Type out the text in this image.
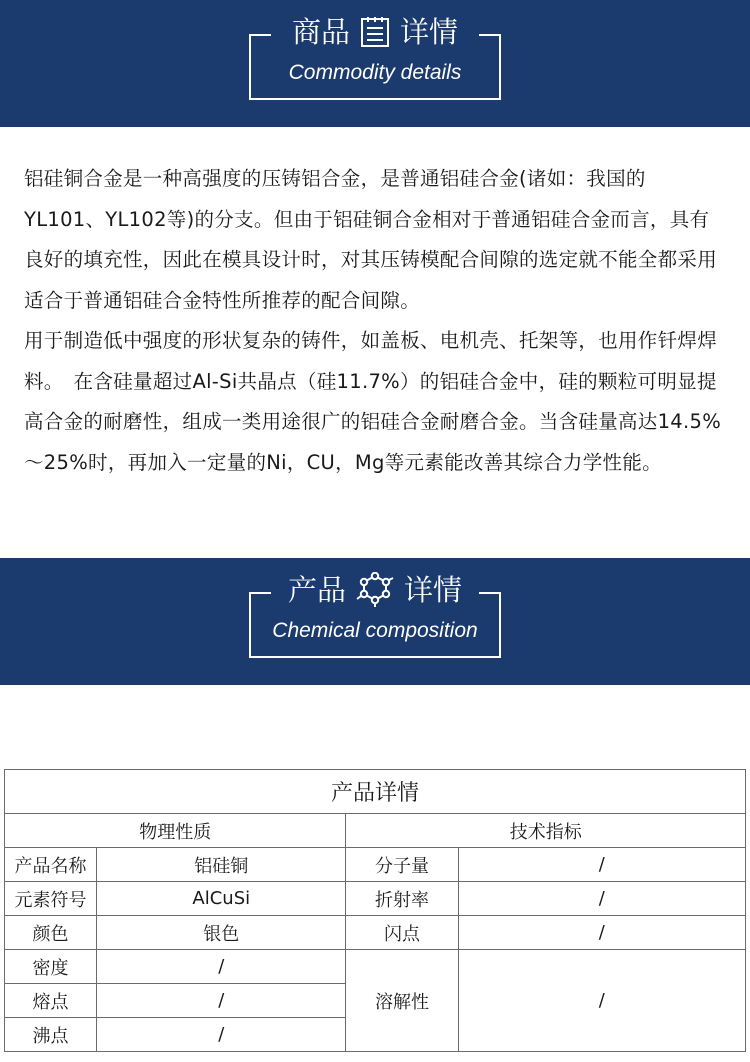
商品 详情
Commodity details

铝硅铜合金是一种高强度的压铸铝合金，是普通铝硅合金(诸如：我国的YL101、YL102等)的分支。但由于铝硅铜合金相对于普通铝硅合金而言，具有良好的填充性，因此在模具设计时，对其压铸模配合间隙的选定就不能全都采用适合于普通铝硅合金特性所推荐的配合间隙。

用于制造低中强度的形状复杂的铸件，如盖板、电机壳、托架等，也用作钎焊焊料。　在含硅量超过Al-Si共晶点（硅11.7%）的铝硅合金中，硅的颗粒可明显提高合金的耐磨性，组成一类用途很广的铝硅合金耐磨合金。当含硅量高达14.5%～25%时，再加入一定量的Ni，CU，Mg等元素能改善其综合力学性能。

产品 详情
Chemical composition
产品详情			
物理性质		技术指标	
产品名称	铝硅铜	分子量	/
元素符号	AlCuSi	折射率	/
颜色	银色	闪点	/
密度	/	溶解性	/
熔点	/		
沸点	/		
